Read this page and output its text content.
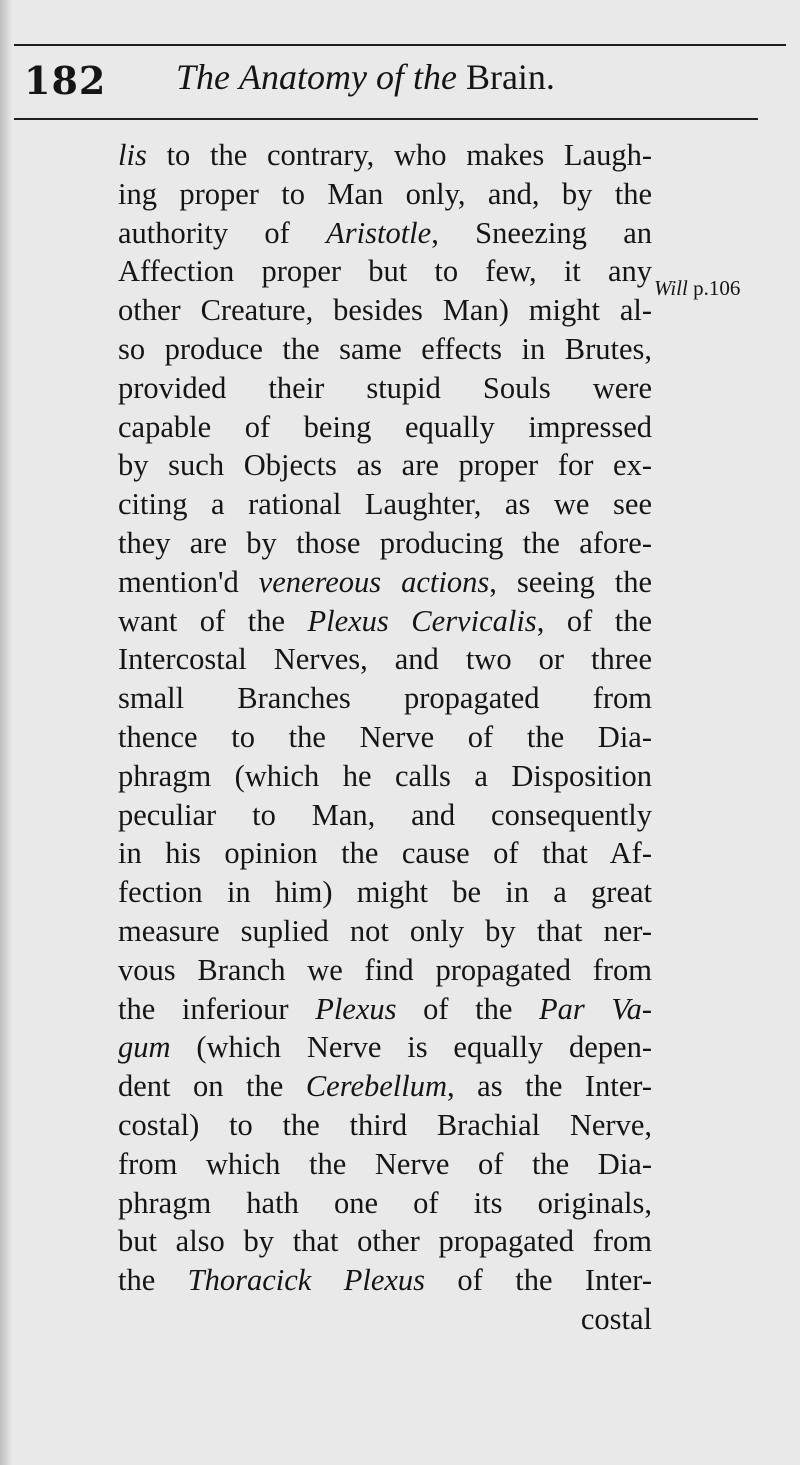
182 The Anatomy of the Brain.
Will p.106
lis to the contrary, who makes Laugh-
ing proper to Man only, and, by the
authority of Aristotle, Sneezing an
Affection proper but to few, it any
other Creature, besides Man) might al-
so produce the same effects in Brutes,
provided their stupid Souls were
capable of being equally impressed
by such Objects as are proper for ex-
citing a rational Laughter, as we see
they are by those producing the afore-
mention'd venereous actions, seeing the
want of the Plexus Cervicalis, of the
Intercostal Nerves, and two or three
small Branches propagated from
thence to the Nerve of the Dia-
phragm (which he calls a Disposition
peculiar to Man, and consequently
in his opinion the cause of that Af-
fection in him) might be in a great
measure suplied not only by that ner-
vous Branch we find propagated from
the inferiour Plexus of the Par Va-
gum (which Nerve is equally depen-
dent on the Cerebellum, as the Inter-
costal) to the third Brachial Nerve,
from which the Nerve of the Dia-
phragm hath one of its originals,
but also by that other propagated from
the Thoracick Plexus of the Inter-
costal
